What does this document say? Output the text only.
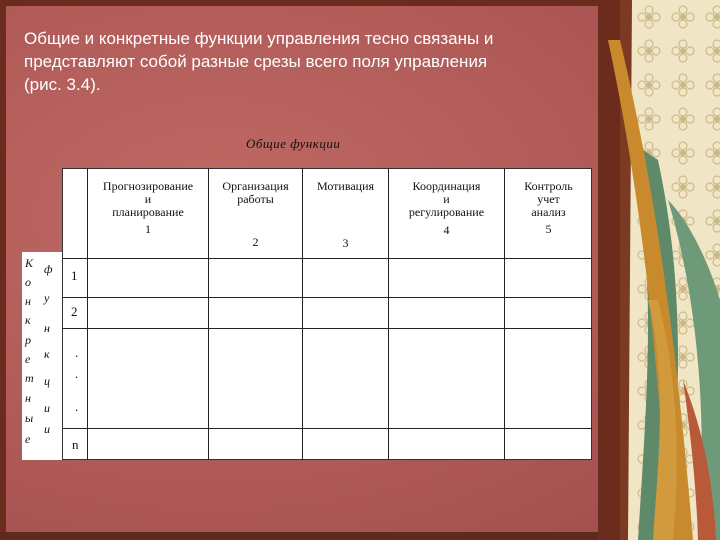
Общие и конкретные функции управления тесно связаны и
представляют собой разные срезы всего поля управления
(рис. 3.4).
Общие функции
Прогнозирование
и
планирование
1
Организация
работы
2
Мотивация
3
Координация
и
регулирование
4
Контроль
учет
анализ
5
1
2
.
.
.
n
К
о
н
к
р
е
т
н
ы
е
ф
у
н
к
ц
и
и
